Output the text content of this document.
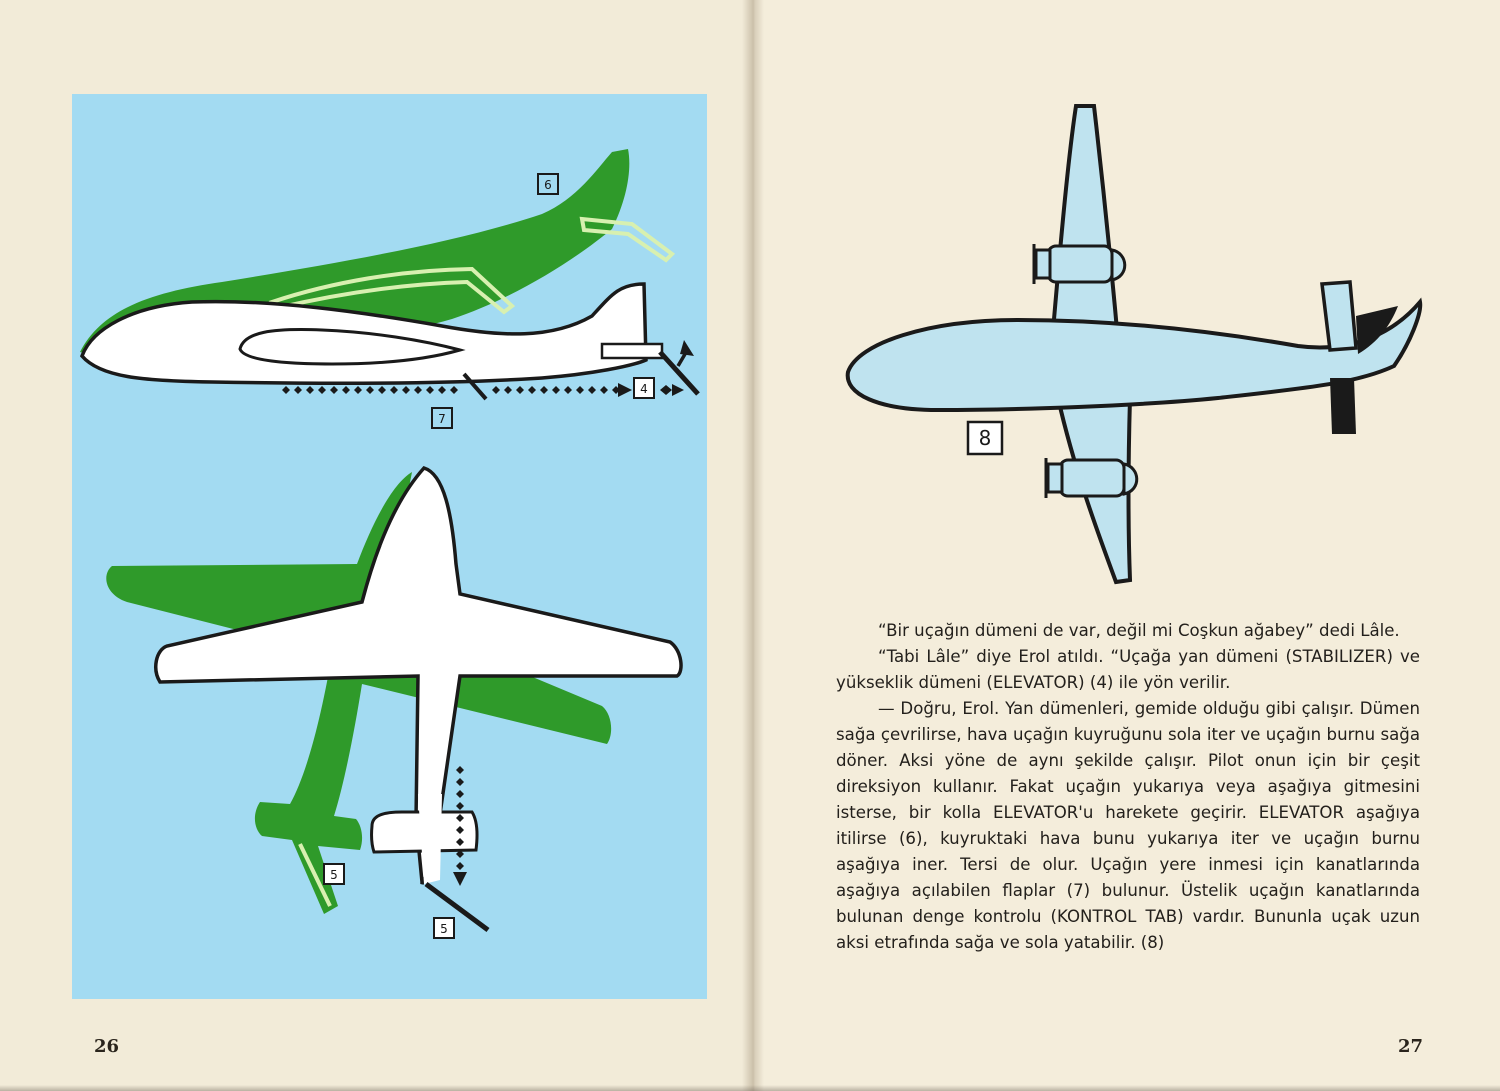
6
4
7
5
5
26
8

“Bir uçağın dümeni de var, değil mi Coşkun ağabey” dedi Lâle.

“Tabi Lâle” diye Erol atıldı. “Uçağa yan dümeni (STABILIZER) ve yükseklik dümeni (ELEVATOR) (4) ile yön verilir.

— Doğru, Erol. Yan dümenleri, gemide olduğu gibi çalışır. Dümen sağa çevrilirse, hava uçağın kuyruğunu sola iter ve uçağın burnu sağa döner. Aksi yöne de aynı şekilde çalışır. Pilot onun için bir çeşit direksiyon kullanır. Fakat uçağın yukarıya veya aşağıya gitmesini isterse, bir kolla ELEVATOR'u harekete geçirir. ELEVATOR aşağıya itilirse (6), kuyruktaki hava bunu yukarıya iter ve uçağın burnu aşağıya iner. Tersi de olur. Uçağın yere inmesi için kanatlarında aşağıya açılabilen flaplar (7) bulunur. Üstelik uçağın kanatlarında bulunan denge kontrolu (KONTROL TAB) vardır. Bununla uçak uzun aksi etrafında sağa ve sola yatabilir. (8)

27
